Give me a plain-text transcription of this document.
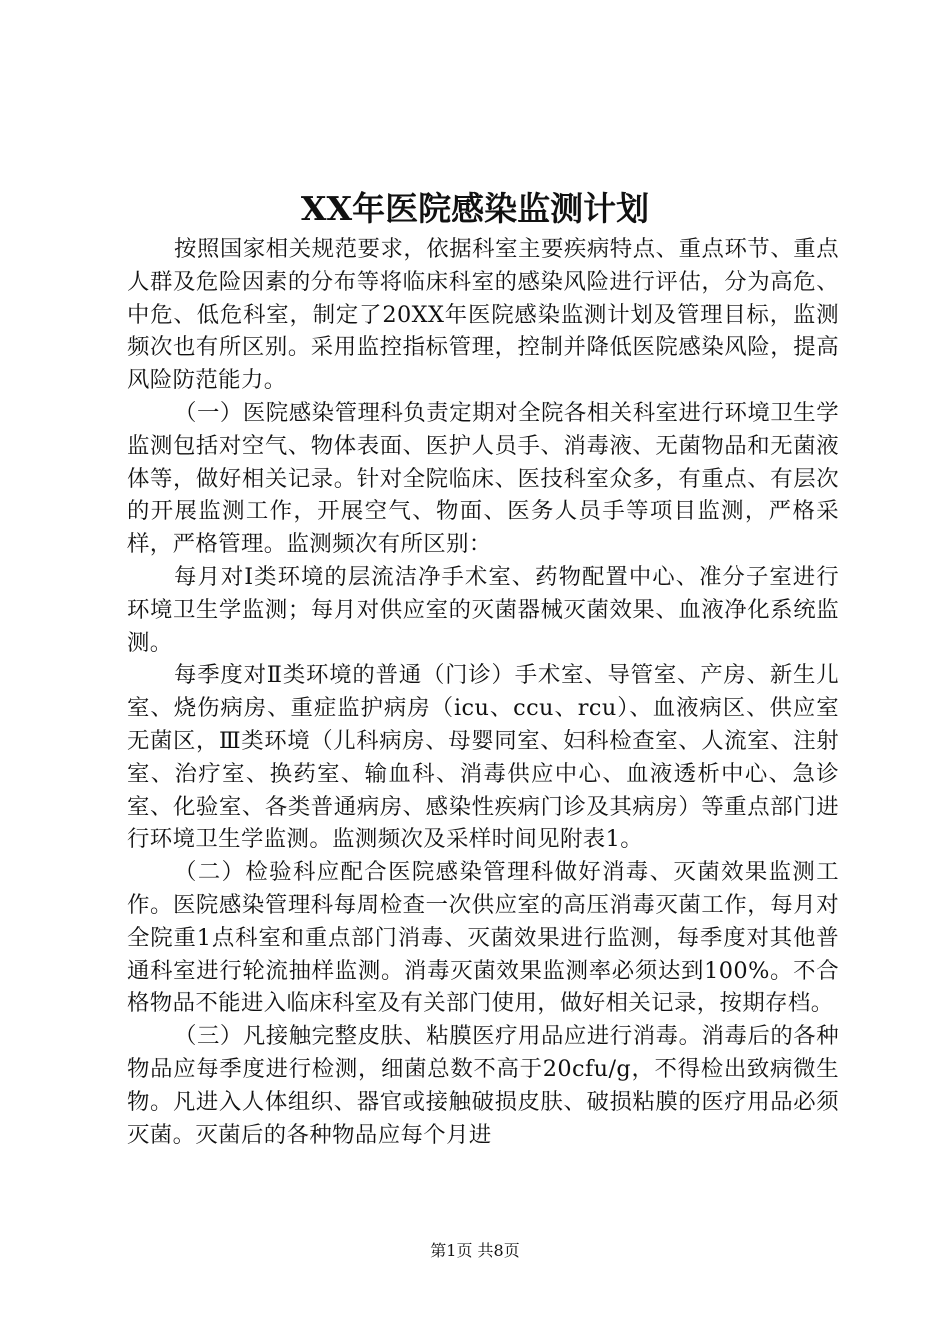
XX年医院感染监测计划

按照国家相关规范要求，依据科室主要疾病特点、重点环节、重点人群及危险因素的分布等将临床科室的感染风险进行评估，分为高危、中危、低危科室，制定了20XX年医院感染监测计划及管理目标，监测频次也有所区别。采用监控指标管理，控制并降低医院感染风险，提高风险防范能力。

（一）医院感染管理科负责定期对全院各相关科室进行环境卫生学监测包括对空气、物体表面、医护人员手、消毒液、无菌物品和无菌液体等，做好相关记录。针对全院临床、医技科室众多，有重点、有层次的开展监测工作，开展空气、物面、医务人员手等项目监测，严格采样，严格管理。监测频次有所区别：

每月对Ⅰ类环境的层流洁净手术室、药物配置中心、准分子室进行环境卫生学监测；每月对供应室的灭菌器械灭菌效果、血液净化系统监测。

每季度对Ⅱ类环境的普通（门诊）手术室、导管室、产房、新生儿室、烧伤病房、重症监护病房（icu、ccu、rcu）、血液病区、供应室无菌区，Ⅲ类环境（儿科病房、母婴同室、妇科检查室、人流室、注射室、治疗室、换药室、输血科、消毒供应中心、血液透析中心、急诊室、化验室、各类普通病房、感染性疾病门诊及其病房）等重点部门进行环境卫生学监测。监测频次及采样时间见附表1。

（二）检验科应配合医院感染管理科做好消毒、灭菌效果监测工作。医院感染管理科每周检查一次供应室的高压消毒灭菌工作，每月对全院重1点科室和重点部门消毒、灭菌效果进行监测，每季度对其他普通科室进行轮流抽样监测。消毒灭菌效果监测率必须达到100%。不合格物品不能进入临床科室及有关部门使用，做好相关记录，按期存档。

（三）凡接触完整皮肤、粘膜医疗用品应进行消毒。消毒后的各种物品应每季度进行检测，细菌总数不高于20cfu/g，不得检出致病微生物。凡进入人体组织、器官或接触破损皮肤、破损粘膜的医疗用品必须灭菌。灭菌后的各种物品应每个月进

第1页 共8页
